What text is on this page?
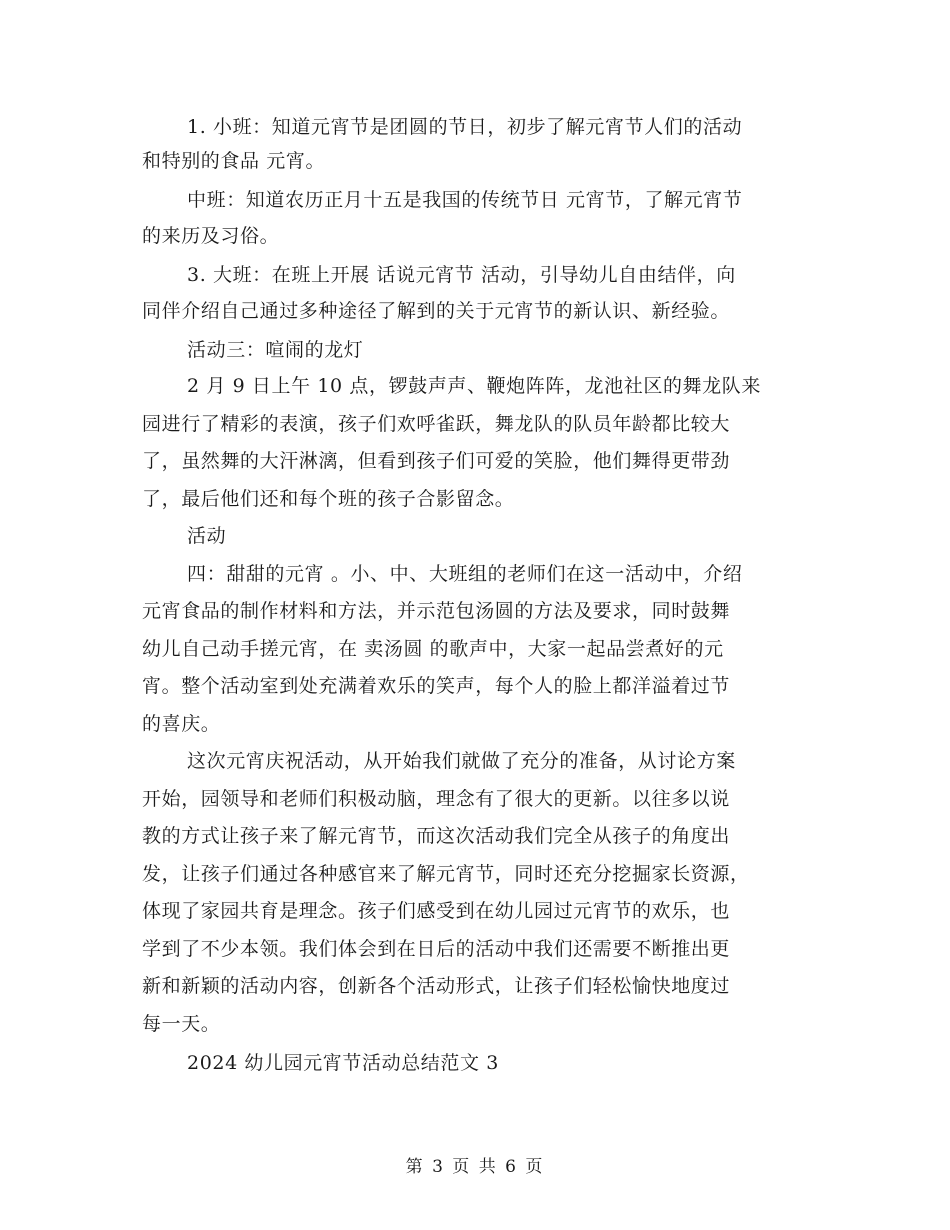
1. 小班：知道元宵节是团圆的节日，初步了解元宵节人们的活动
和特别的食品 元宵。
中班：知道农历正月十五是我国的传统节日 元宵节，了解元宵节
的来历及习俗。
3. 大班：在班上开展 话说元宵节 活动，引导幼儿自由结伴，向
同伴介绍自己通过多种途径了解到的关于元宵节的新认识、新经验。
活动三：喧闹的龙灯
2 月 9 日上午 10 点，锣鼓声声、鞭炮阵阵，龙池社区的舞龙队来
园进行了精彩的表演，孩子们欢呼雀跃，舞龙队的队员年龄都比较大
了，虽然舞的大汗淋漓，但看到孩子们可爱的笑脸，他们舞得更带劲
了，最后他们还和每个班的孩子合影留念。
活动
四：甜甜的元宵 。小、中、大班组的老师们在这一活动中，介绍
元宵食品的制作材料和方法，并示范包汤圆的方法及要求，同时鼓舞
幼儿自己动手搓元宵，在 卖汤圆 的歌声中，大家一起品尝煮好的元
宵。整个活动室到处充满着欢乐的笑声，每个人的脸上都洋溢着过节
的喜庆。
这次元宵庆祝活动，从开始我们就做了充分的准备，从讨论方案
开始，园领导和老师们积极动脑，理念有了很大的更新。以往多以说
教的方式让孩子来了解元宵节，而这次活动我们完全从孩子的角度出
发，让孩子们通过各种感官来了解元宵节，同时还充分挖掘家长资源，
体现了家园共育是理念。孩子们感受到在幼儿园过元宵节的欢乐，也
学到了不少本领。我们体会到在日后的活动中我们还需要不断推出更
新和新颖的活动内容，创新各个活动形式，让孩子们轻松愉快地度过
每一天。
2024 幼儿园元宵节活动总结范文 3
第 3 页 共 6 页
